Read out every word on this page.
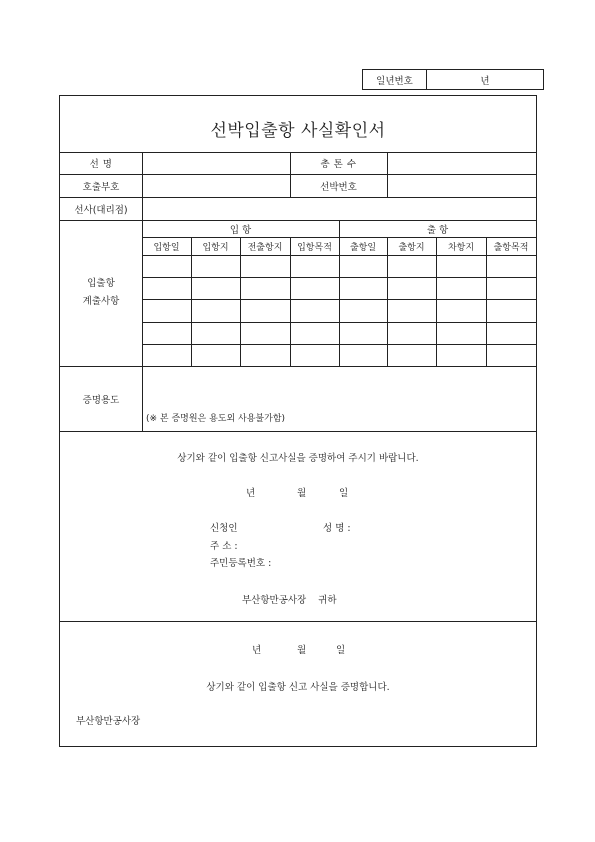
일년번호	년
선박입출항 사실확인서
선 명	총 톤 수
호출부호	선박번호
선사(대리점)
입출항
계출사항
입 항	출 항
입항일	입항지	전출항지	입항목적	출항일	출항지	차항지	출항목적
증명용도
(※ 본 증명원은 용도외 사용불가함)
상기와 같이 입출항 신고사실을 증명하여 주시기 바랍니다.
년	월	일
신청인	성 명 :
주 소 :
주민등록번호 :
부산항만공사장 귀하
년	월	일
상기와 같이 입출항 신고 사실을 증명합니다.
부산항만공사장
